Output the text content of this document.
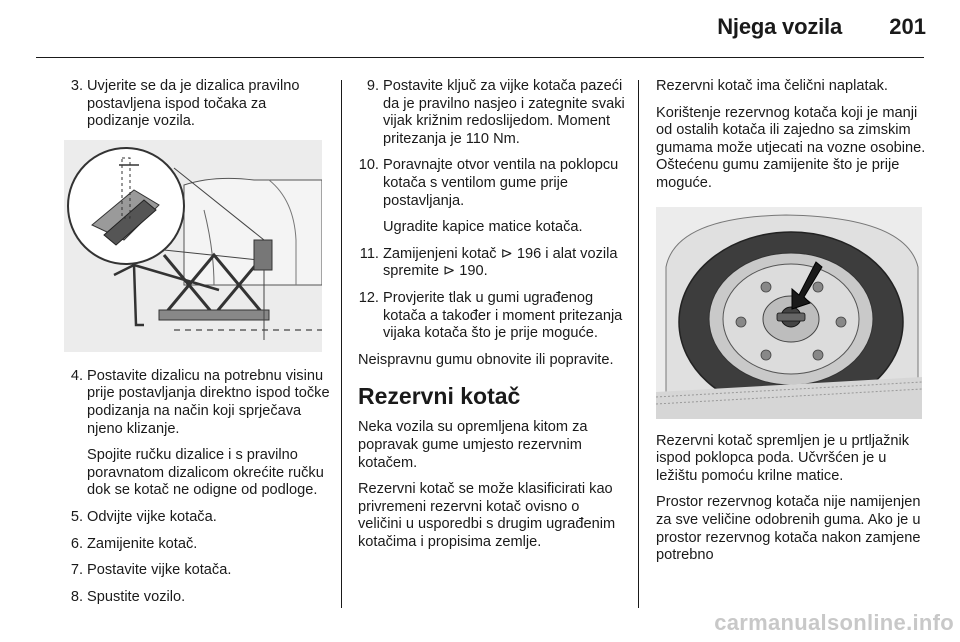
Njega vozila	201
3. Uvjerite se da je dizalica pravilno postavljena ispod točaka za podizanje vozila.

4. Postavite dizalicu na potrebnu visinu prije postavljanja direktno ispod točke podizanja na način koji sprječava njeno klizanje.

Spojite ručku dizalice i s pravilno poravnatom dizalicom okrećite ručku dok se kotač ne odigne od podloge.

5. Odvijte vijke kotača.

6. Zamijenite kotač.

7. Postavite vijke kotača.

8. Spustite vozilo.

9. Postavite ključ za vijke kotača pazeći da je pravilno nasjeo i zategnite svaki vijak križnim redoslijedom. Moment pritezanja je 110 Nm.

10. Poravnajte otvor ventila na poklopcu kotača s ventilom gume prije postavljanja.

Ugradite kapice matice kotača.

11. Zamijenjeni kotač ⊳ 196 i alat vozila spremite ⊳ 190.

12. Provjerite tlak u gumi ugrađenog kotača a također i moment pritezanja vijaka kotača što je prije moguće.

Neispravnu gumu obnovite ili popravite.

Rezervni kotač

Neka vozila su opremljena kitom za popravak gume umjesto rezervnim kotačem.

Rezervni kotač se može klasificirati kao privremeni rezervni kotač ovisno o veličini u usporedbi s drugim ugrađenim kotačima i propisima zemlje.

Rezervni kotač ima čelični naplatak.

Korištenje rezervnog kotača koji je manji od ostalih kotača ili zajedno sa zimskim gumama može utjecati na vozne osobine. Oštećenu gumu zamijenite što je prije moguće.

Rezervni kotač spremljen je u prtljažnik ispod poklopca poda. Učvršćen je u ležištu pomoću krilne matice.

Prostor rezervnog kotača nije namijenjen za sve veličine odobrenih guma. Ako je u prostor rezervnog kotača nakon zamjene potrebno

carmanualsonline.info
